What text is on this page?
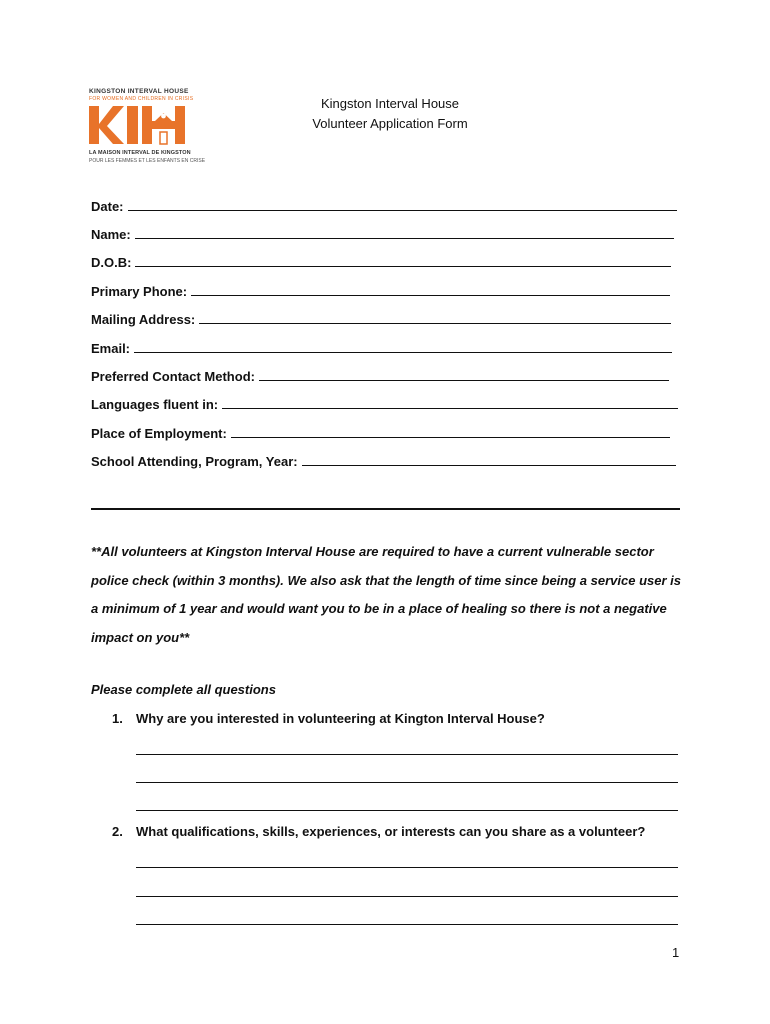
KINGSTON INTERVAL HOUSE
FOR WOMEN AND CHILDREN IN CRISIS
LA MAISON INTERVAL DE KINGSTON
POUR LES FEMMES ET LES ENFANTS EN CRISE
Kingston Interval House
Volunteer Application Form
Date:
Name:
D.O.B:
Primary Phone:
Mailing Address:
Email:
Preferred Contact Method:
Languages fluent in:
Place of Employment:
School Attending, Program, Year:
**All volunteers at Kingston Interval House are required to have a current vulnerable sector police check (within 3 months). We also ask that the length of time since being a service user is a minimum of 1 year and would want you to be in a place of healing so there is not a negative impact on you**
Please complete all questions
1. Why are you interested in volunteering at Kington Interval House?
2. What qualifications, skills, experiences, or interests can you share as a volunteer?
1
